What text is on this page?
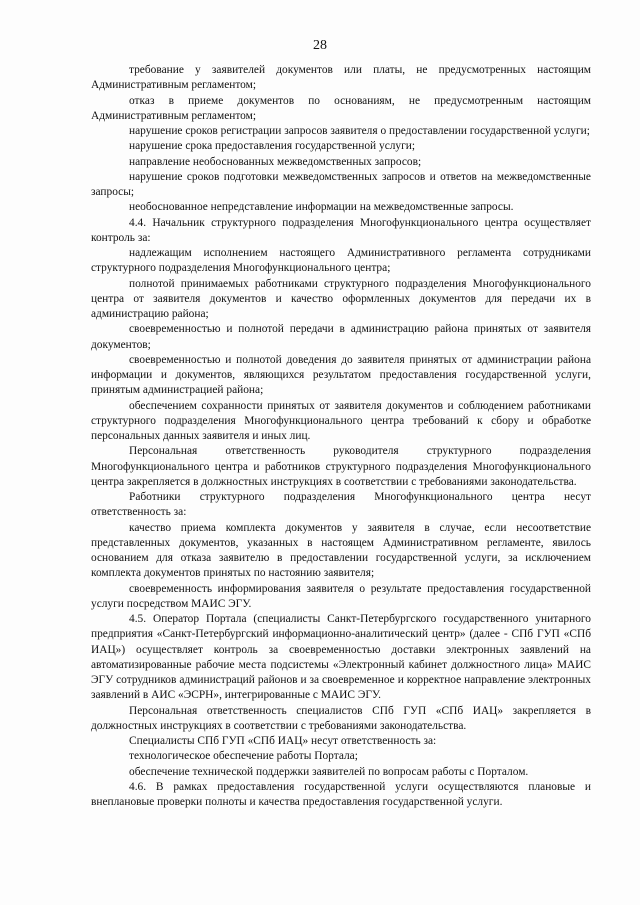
28

требование у заявителей документов или платы, не предусмотренных настоящим Административным регламентом;

отказ в приеме документов по основаниям, не предусмотренным настоящим Административным регламентом;

нарушение сроков регистрации запросов заявителя о предоставлении государственной услуги;

нарушение срока предоставления государственной услуги;

направление необоснованных межведомственных запросов;

нарушение сроков подготовки межведомственных запросов и ответов на межведомственные запросы;

необоснованное непредставление информации на межведомственные запросы.

4.4. Начальник структурного подразделения Многофункционального центра осуществляет контроль за:

надлежащим исполнением настоящего Административного регламента сотрудниками структурного подразделения Многофункционального центра;

полнотой принимаемых работниками структурного подразделения Многофункционального центра от заявителя документов и качество оформленных документов для передачи их в администрацию района;

своевременностью и полнотой передачи в администрацию района принятых от заявителя документов;

своевременностью и полнотой доведения до заявителя принятых от администрации района информации и документов, являющихся результатом предоставления государственной услуги, принятым администрацией района;

обеспечением сохранности принятых от заявителя документов и соблюдением работниками структурного подразделения Многофункционального центра требований к сбору и обработке персональных данных заявителя и иных лиц.

Персональная ответственность руководителя структурного подразделения Многофункционального центра и работников структурного подразделения Многофункционального центра закрепляется в должностных инструкциях в соответствии с требованиями законодательства.

Работники структурного подразделения Многофункционального центра несут ответственность за:

качество приема комплекта документов у заявителя в случае, если несоответствие представленных документов, указанных в настоящем Административном регламенте, явилось основанием для отказа заявителю в предоставлении государственной услуги, за исключением комплекта документов принятых по настоянию заявителя;

своевременность информирования заявителя о результате предоставления государственной услуги посредством МАИС ЭГУ.

4.5. Оператор Портала (специалисты Санкт-Петербургского государственного унитарного предприятия «Санкт-Петербургский информационно-аналитический центр» (далее - СПб ГУП «СПб ИАЦ») осуществляет контроль за своевременностью доставки электронных заявлений на автоматизированные рабочие места подсистемы «Электронный кабинет должностного лица» МАИС ЭГУ сотрудников администраций районов и за своевременное и корректное направление электронных заявлений в АИС «ЭСРН», интегрированные с МАИС ЭГУ.

Персональная ответственность специалистов СПб ГУП «СПб ИАЦ» закрепляется в должностных инструкциях в соответствии с требованиями законодательства.

Специалисты СПб ГУП «СПб ИАЦ» несут ответственность за:

технологическое обеспечение работы Портала;

обеспечение технической поддержки заявителей по вопросам работы с Порталом.

4.6. В рамках предоставления государственной услуги осуществляются плановые и внеплановые проверки полноты и качества предоставления государственной услуги.
